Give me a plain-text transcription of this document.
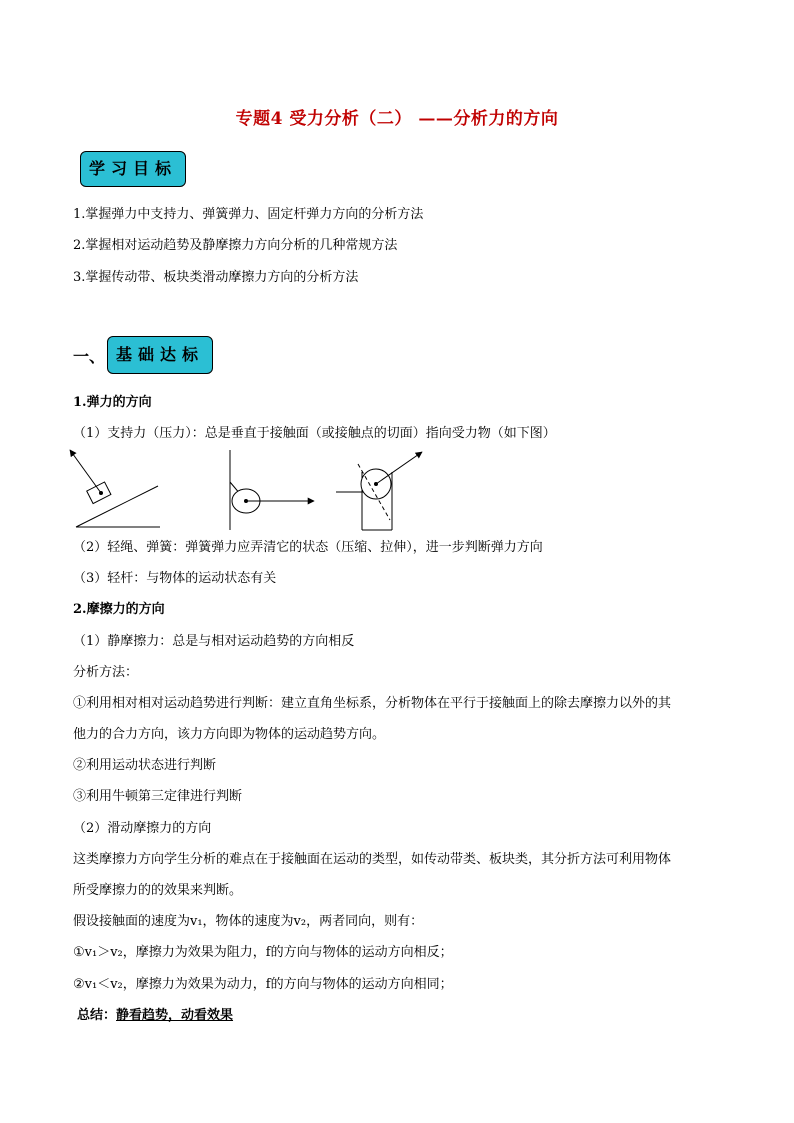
专题4 受力分析（二） ——分析力的方向
学习目标
1.掌握弹力中支持力、弹簧弹力、固定杆弹力方向的分析方法
2.掌握相对运动趋势及静摩擦力方向分析的几种常规方法
3.掌握传动带、板块类滑动摩擦力方向的分析方法
一、 基础达标
1.弹力的方向
（1）支持力（压力）：总是垂直于接触面（或接触点的切面）指向受力物（如下图）
（2）轻绳、弹簧：弹簧弹力应弄清它的状态（压缩、拉伸），进一步判断弹力方向
（3）轻杆：与物体的运动状态有关
2.摩擦力的方向
（1）静摩擦力：总是与相对运动趋势的方向相反
分析方法：
①利用相对相对运动趋势进行判断：建立直角坐标系，分析物体在平行于接触面上的除去摩擦力以外的其
他力的合力方向，该力方向即为物体的运动趋势方向。
②利用运动状态进行判断
③利用牛顿第三定律进行判断
（2）滑动摩擦力的方向
这类摩擦力方向学生分析的难点在于接触面在运动的类型，如传动带类、板块类，其分折方法可利用物体
所受摩擦力的的效果来判断。
假设接触面的速度为v₁，物体的速度为v₂，两者同向，则有：
①v₁＞v₂，摩擦力为效果为阻力，f的方向与物体的运动方向相反；
②v₁＜v₂，摩擦力为效果为动力，f的方向与物体的运动方向相同；
总结：静看趋势，动看效果
